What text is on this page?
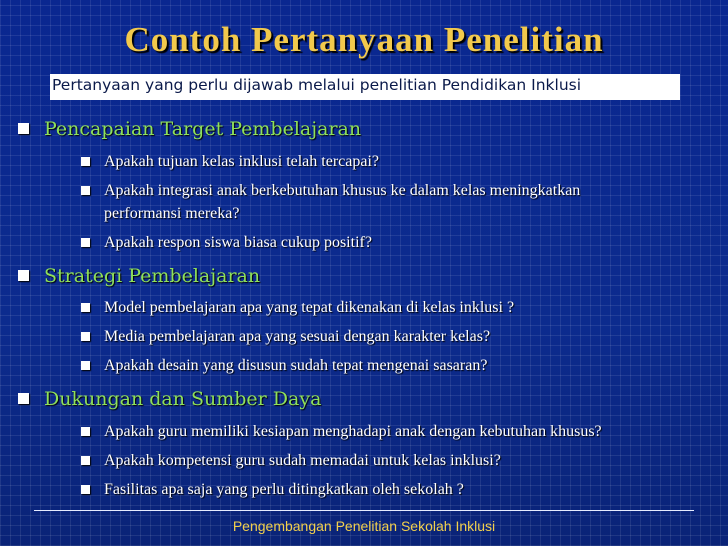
Contoh Pertanyaan Penelitian
Pertanyaan yang perlu dijawab melalui penelitian Pendidikan Inklusi
Pencapaian Target Pembelajaran
Apakah tujuan kelas inklusi telah tercapai?
Apakah integrasi anak berkebutuhan khusus ke dalam kelas meningkatkan
performansi mereka?
Apakah respon siswa biasa cukup positif?
Strategi Pembelajaran
Model pembelajaran apa yang tepat dikenakan di kelas inklusi ?
Media pembelajaran apa yang sesuai dengan karakter kelas?
Apakah desain yang disusun sudah tepat mengenai sasaran?
Dukungan dan Sumber Daya
Apakah guru memiliki kesiapan menghadapi anak dengan kebutuhan khusus?
Apakah kompetensi guru sudah memadai untuk kelas inklusi?
Fasilitas apa saja yang perlu ditingkatkan oleh sekolah ?
Pengembangan Penelitian Sekolah Inklusi
